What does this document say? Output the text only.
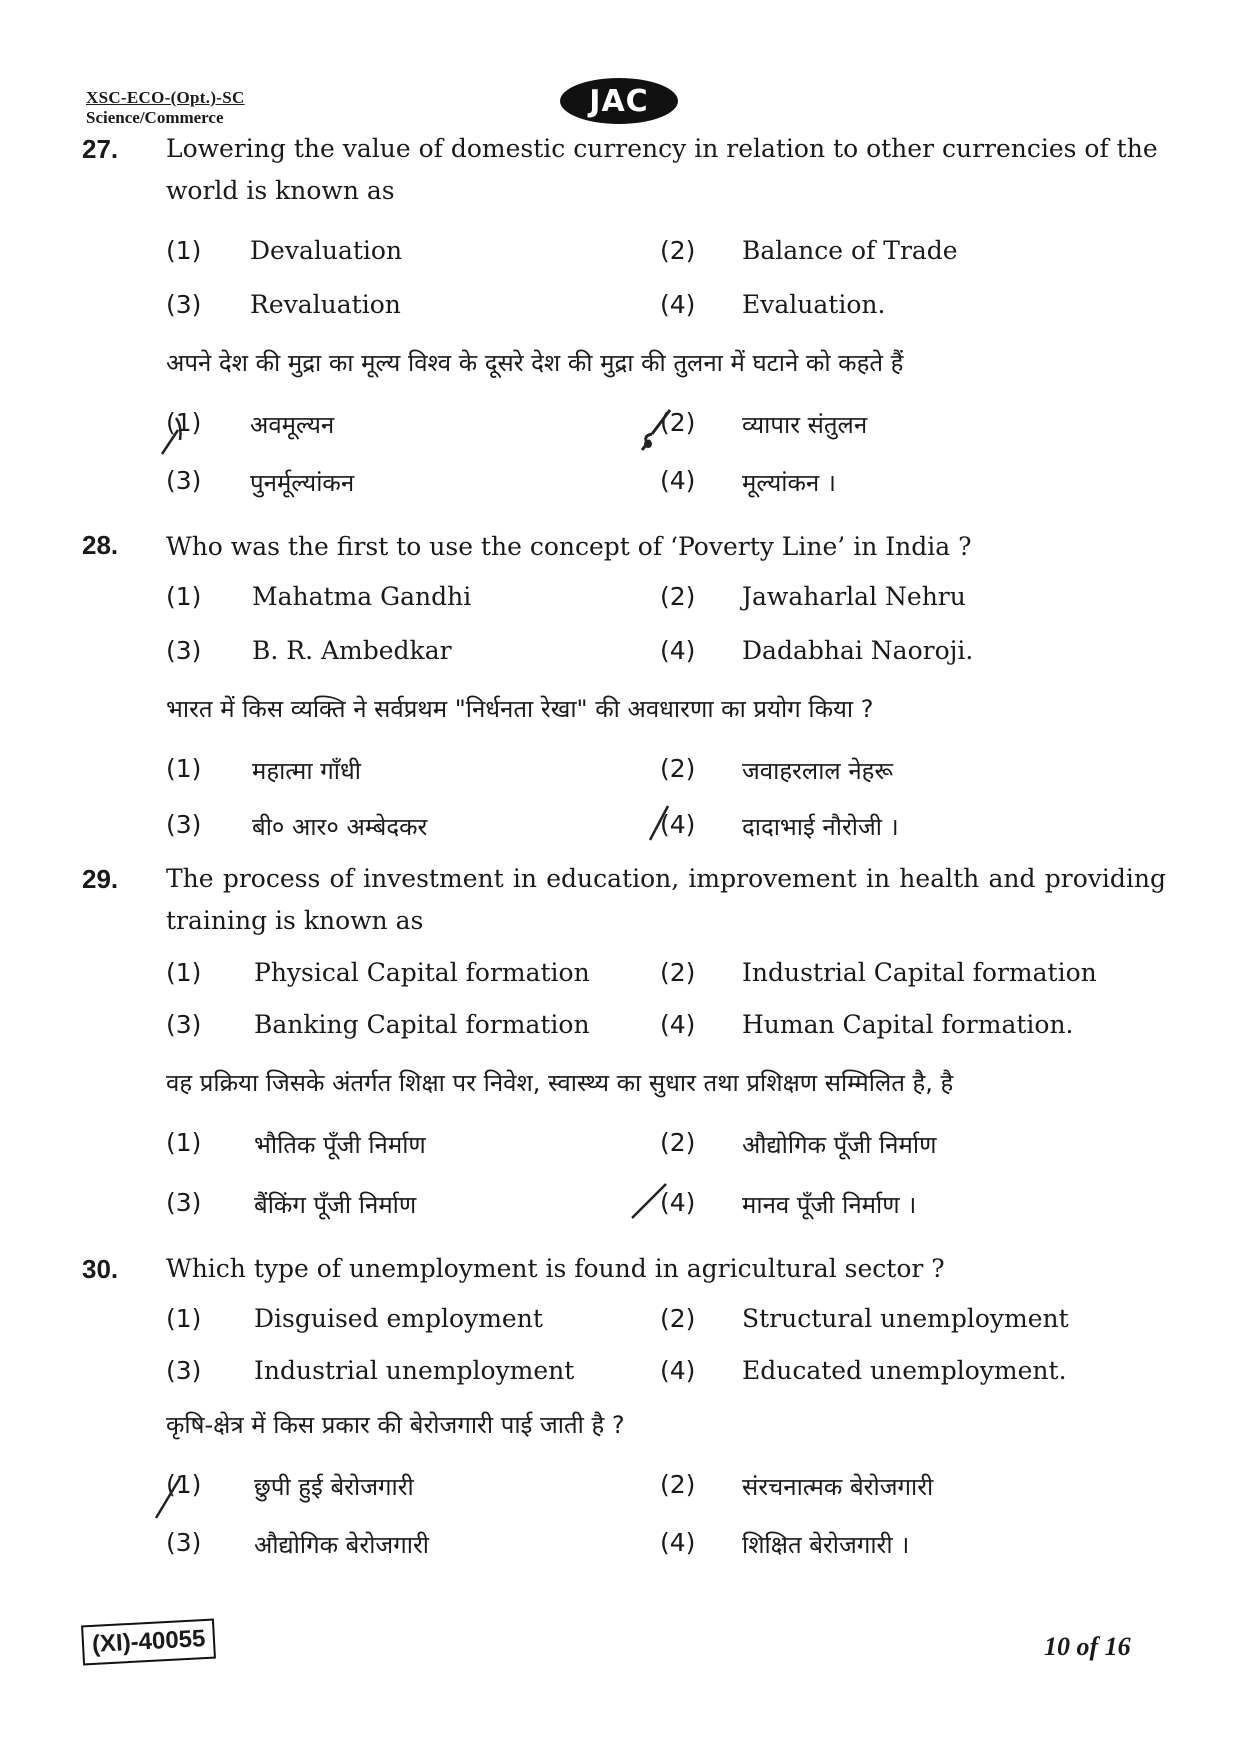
XSC-ECO-(Opt.)-SC
Science/Commerce	JAC
27. Lowering the value of domestic currency in relation to other currencies of the world is known as
(1) Devaluation	(2) Balance of Trade
(3) Revaluation	(4) Evaluation.
अपने देश की मुद्रा का मूल्य विश्व के दूसरे देश की मुद्रा की तुलना में घटाने को कहते हैं
(1) अवमूल्यन	(2) व्यापार संतुलन
(3) पुनर्मूल्यांकन	(4) मूल्यांकन ।
28. Who was the first to use the concept of ‘Poverty Line’ in India ?
(1) Mahatma Gandhi	(2) Jawaharlal Nehru
(3) B. R. Ambedkar	(4) Dadabhai Naoroji.
भारत में किस व्यक्ति ने सर्वप्रथम "निर्धनता रेखा" की अवधारणा का प्रयोग किया ?
(1) महात्मा गाँधी	(2) जवाहरलाल नेहरू
(3) बी० आर० अम्बेदकर	(4) दादाभाई नौरोजी ।
29. The process of investment in education, improvement in health and providing training is known as
(1) Physical Capital formation	(2) Industrial Capital formation
(3) Banking Capital formation	(4) Human Capital formation.
वह प्रक्रिया जिसके अंतर्गत शिक्षा पर निवेश, स्वास्थ्य का सुधार तथा प्रशिक्षण सम्मिलित है, है
(1) भौतिक पूँजी निर्माण	(2) औद्योगिक पूँजी निर्माण
(3) बैंकिंग पूँजी निर्माण	(4) मानव पूँजी निर्माण ।
30. Which type of unemployment is found in agricultural sector ?
(1) Disguised employment	(2) Structural unemployment
(3) Industrial unemployment	(4) Educated unemployment.
कृषि-क्षेत्र में किस प्रकार की बेरोजगारी पाई जाती है ?
(1) छुपी हुई बेरोजगारी	(2) संरचनात्मक बेरोजगारी
(3) औद्योगिक बेरोजगारी	(4) शिक्षित बेरोजगारी ।
(XI)-40055	10 of 16
